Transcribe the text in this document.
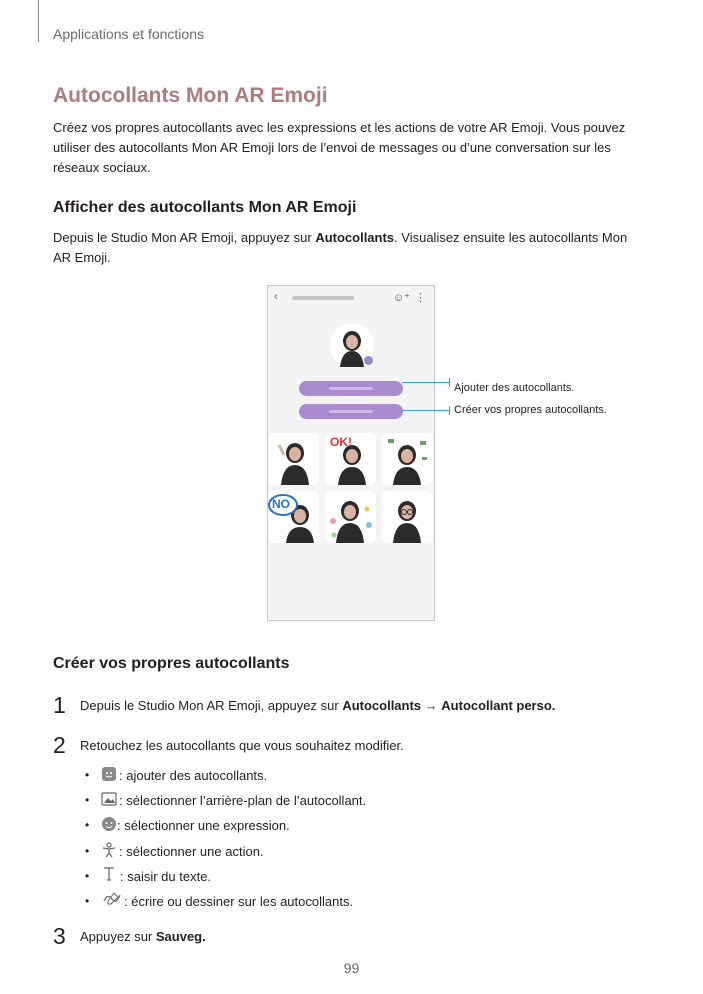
Applications et fonctions
Autocollants Mon AR Emoji
Créez vos propres autocollants avec les expressions et les actions de votre AR Emoji. Vous pouvez utiliser des autocollants Mon AR Emoji lors de l’envoi de messages ou d’une conversation sur les réseaux sociaux.
Afficher des autocollants Mon AR Emoji
Depuis le Studio Mon AR Emoji, appuyez sur Autocollants. Visualisez ensuite les autocollants Mon AR Emoji.
‹	☺⁺ ⋮
OK!
NO
Ajouter des autocollants.
Créer vos propres autocollants.
Créer vos propres autocollants
1 Depuis le Studio Mon AR Emoji, appuyez sur Autocollants → Autocollant perso.
2 Retouchez les autocollants que vous souhaitez modifier.
• : ajouter des autocollants.
• : sélectionner l’arrière-plan de l’autocollant.
• : sélectionner une expression.
• : sélectionner une action.
• : saisir du texte.
•	: écrire ou dessiner sur les autocollants.
3 Appuyez sur Sauveg.
99
